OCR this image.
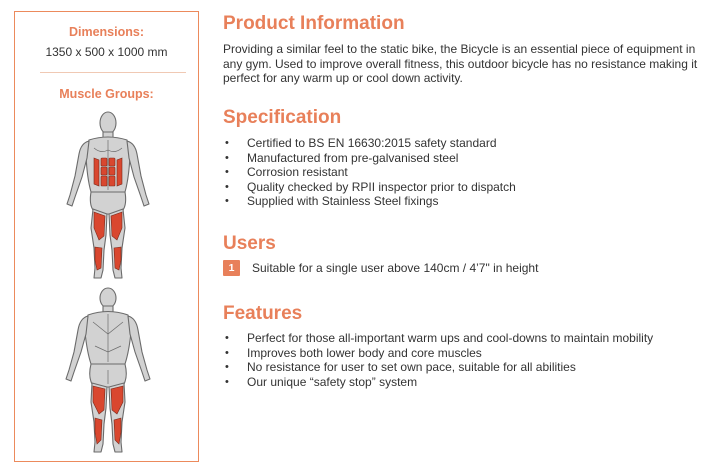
Dimensions:
1350 x 500 x 1000 mm
Muscle Groups:
Product Information
Providing a similar feel to the static bike, the Bicycle is an essential piece of equipment in any gym. Used to improve overall fitness, this outdoor bicycle has no resistance making it perfect for any warm up or cool down activity.
Specification
• Certified to BS EN 16630:2015 safety standard
• Manufactured from pre-galvanised steel
• Corrosion resistant
• Quality checked by RPII inspector prior to dispatch
• Supplied with Stainless Steel fixings
Users
1	Suitable for a single user above 140cm / 4’7" in height
Features
• Perfect for those all-important warm ups and cool-downs to maintain mobility
• Improves both lower body and core muscles
• No resistance for user to set own pace, suitable for all abilities
• Our unique “safety stop” system
